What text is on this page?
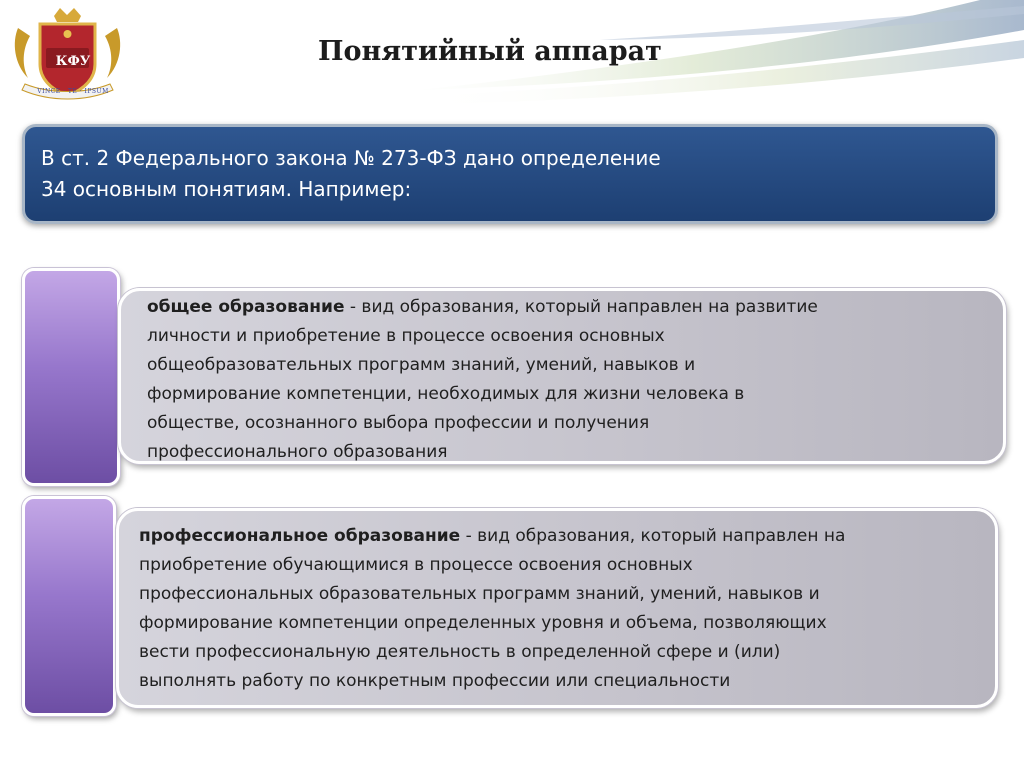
КФУ
VINCE · TE · IPSUM
Понятийный аппарат
В ст. 2 Федерального закона № 273-ФЗ дано определение
34 основным понятиям. Например:
общее образование - вид образования, который направлен на развитие
личности и приобретение в процессе освоения основных
общеобразовательных программ знаний, умений, навыков и
формирование компетенции, необходимых для жизни человека в
обществе, осознанного выбора профессии и получения
профессионального образования
профессиональное образование - вид образования, который направлен на
приобретение обучающимися в процессе освоения основных
профессиональных образовательных программ знаний, умений, навыков и
формирование компетенции определенных уровня и объема, позволяющих
вести профессиональную деятельность в определенной сфере и (или)
выполнять работу по конкретным профессии или специальности
